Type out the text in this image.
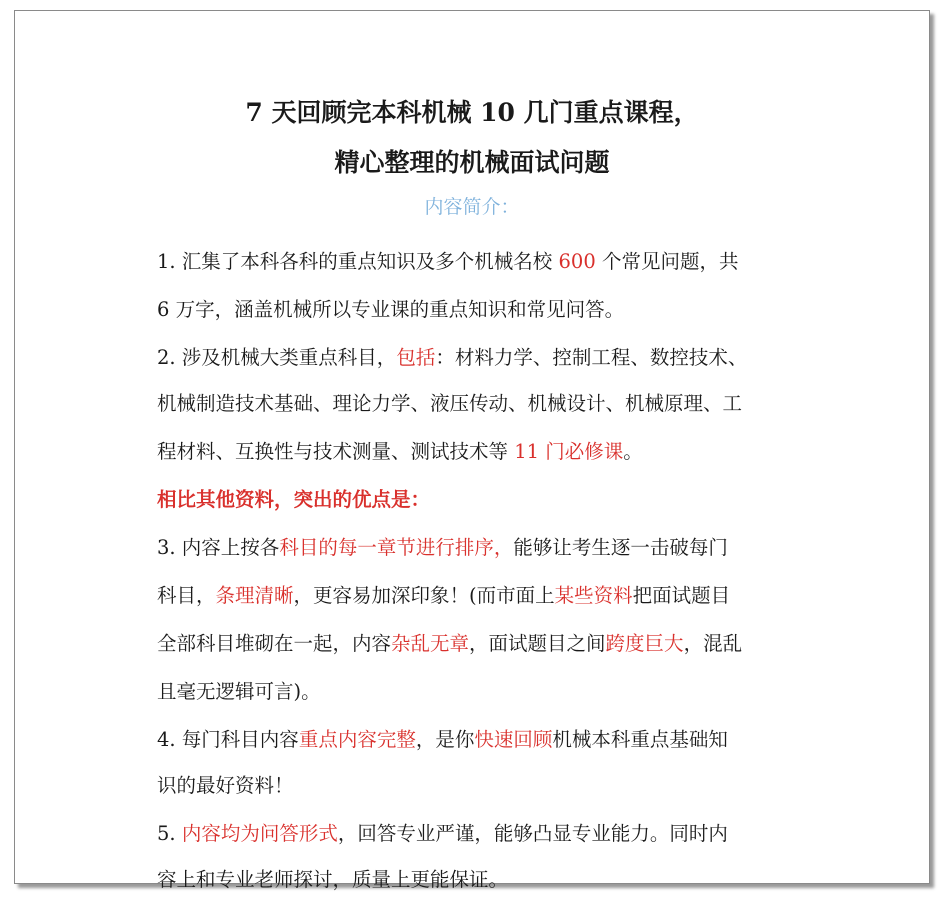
7 天回顾完本科机械 10 几门重点课程，
精心整理的机械面试问题
内容简介：
1. 汇集了本科各科的重点知识及多个机械名校 600 个常见问题，共
6 万字，涵盖机械所以专业课的重点知识和常见问答。
2. 涉及机械大类重点科目，包括：材料力学、控制工程、数控技术、
机械制造技术基础、理论力学、液压传动、机械设计、机械原理、工
程材料、互换性与技术测量、测试技术等 11 门必修课。
相比其他资料，突出的优点是：
3. 内容上按各科目的每一章节进行排序，能够让考生逐一击破每门
科目，条理清晰，更容易加深印象！(而市面上某些资料把面试题目
全部科目堆砌在一起，内容杂乱无章，面试题目之间跨度巨大，混乱
且毫无逻辑可言)。
4. 每门科目内容重点内容完整，是你快速回顾机械本科重点基础知
识的最好资料！
5. 内容均为问答形式，回答专业严谨，能够凸显专业能力。同时内
容上和专业老师探讨，质量上更能保证。
